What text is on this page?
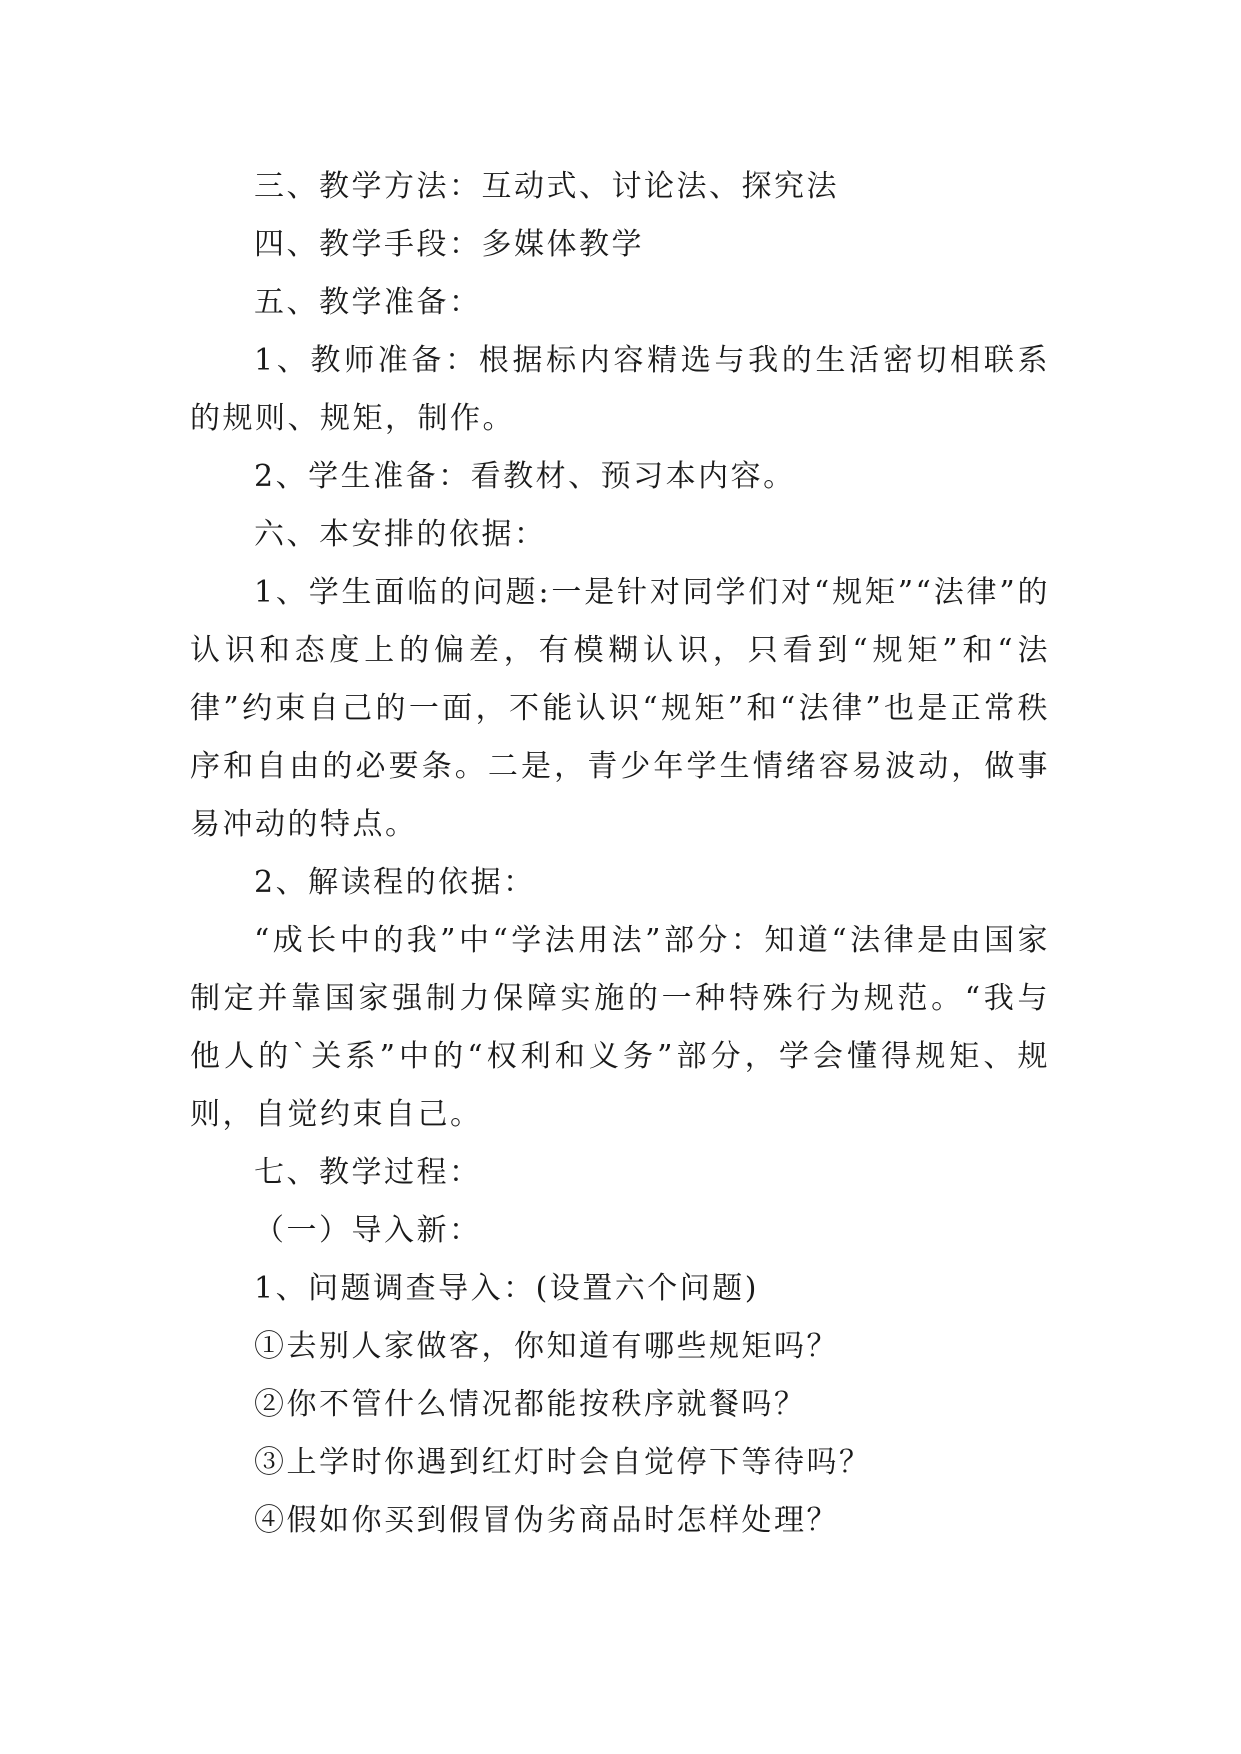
三、教学方法：互动式、讨论法、探究法

四、教学手段：多媒体教学

五、教学准备：

1、教师准备：根据标内容精选与我的生活密切相联系的规则、规矩，制作。

2、学生准备：看教材、预习本内容。

六、本安排的依据：

1、学生面临的问题:一是针对同学们对“规矩”“法律”的认识和态度上的偏差，有模糊认识，只看到“规矩”和“法律”约束自己的一面，不能认识“规矩”和“法律”也是正常秩序和自由的必要条。二是，青少年学生情绪容易波动，做事易冲动的特点。

2、解读程的依据：

“成长中的我”中“学法用法”部分：知道“法律是由国家制定并靠国家强制力保障实施的一种特殊行为规范。“我与他人的`关系”中的“权利和义务”部分，学会懂得规矩、规则，自觉约束自己。

七、教学过程：

（一）导入新：

1、问题调查导入：(设置六个问题)

①去别人家做客，你知道有哪些规矩吗？

②你不管什么情况都能按秩序就餐吗？

③上学时你遇到红灯时会自觉停下等待吗？

④假如你买到假冒伪劣商品时怎样处理？
